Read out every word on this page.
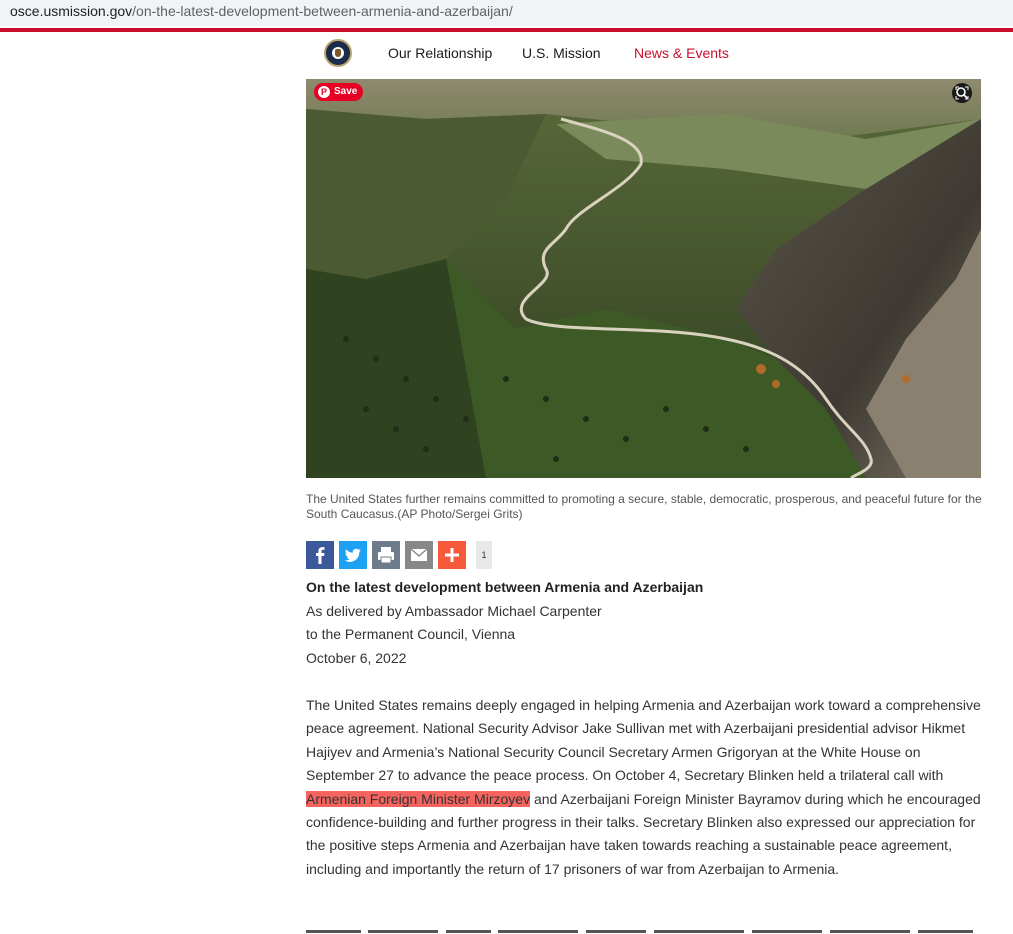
osce.usmission.gov/on-the-latest-development-between-armenia-and-azerbaijan/
Our Relationship U.S. Mission News & Events
P Save
The United States further remains committed to promoting a secure, stable, democratic, prosperous, and peaceful future for the South Caucasus.(AP Photo/Sergei Grits)
1
On the latest development between Armenia and Azerbaijan
As delivered by Ambassador Michael Carpenter
to the Permanent Council, Vienna
October 6, 2022
The United States remains deeply engaged in helping Armenia and Azerbaijan work toward a comprehensive peace agreement. National Security Advisor Jake Sullivan met with Azerbaijani presidential advisor Hikmet Hajiyev and Armenia’s National Security Council Secretary Armen Grigoryan at the White House on September 27 to advance the peace process. On October 4, Secretary Blinken held a trilateral call with Armenian Foreign Minister Mirzoyev and Azerbaijani Foreign Minister Bayramov during which he encouraged confidence-building and further progress in their talks. Secretary Blinken also expressed our appreciation for the positive steps Armenia and Azerbaijan have taken towards reaching a sustainable peace agreement, including and importantly the return of 17 prisoners of war from Azerbaijan to Armenia.
